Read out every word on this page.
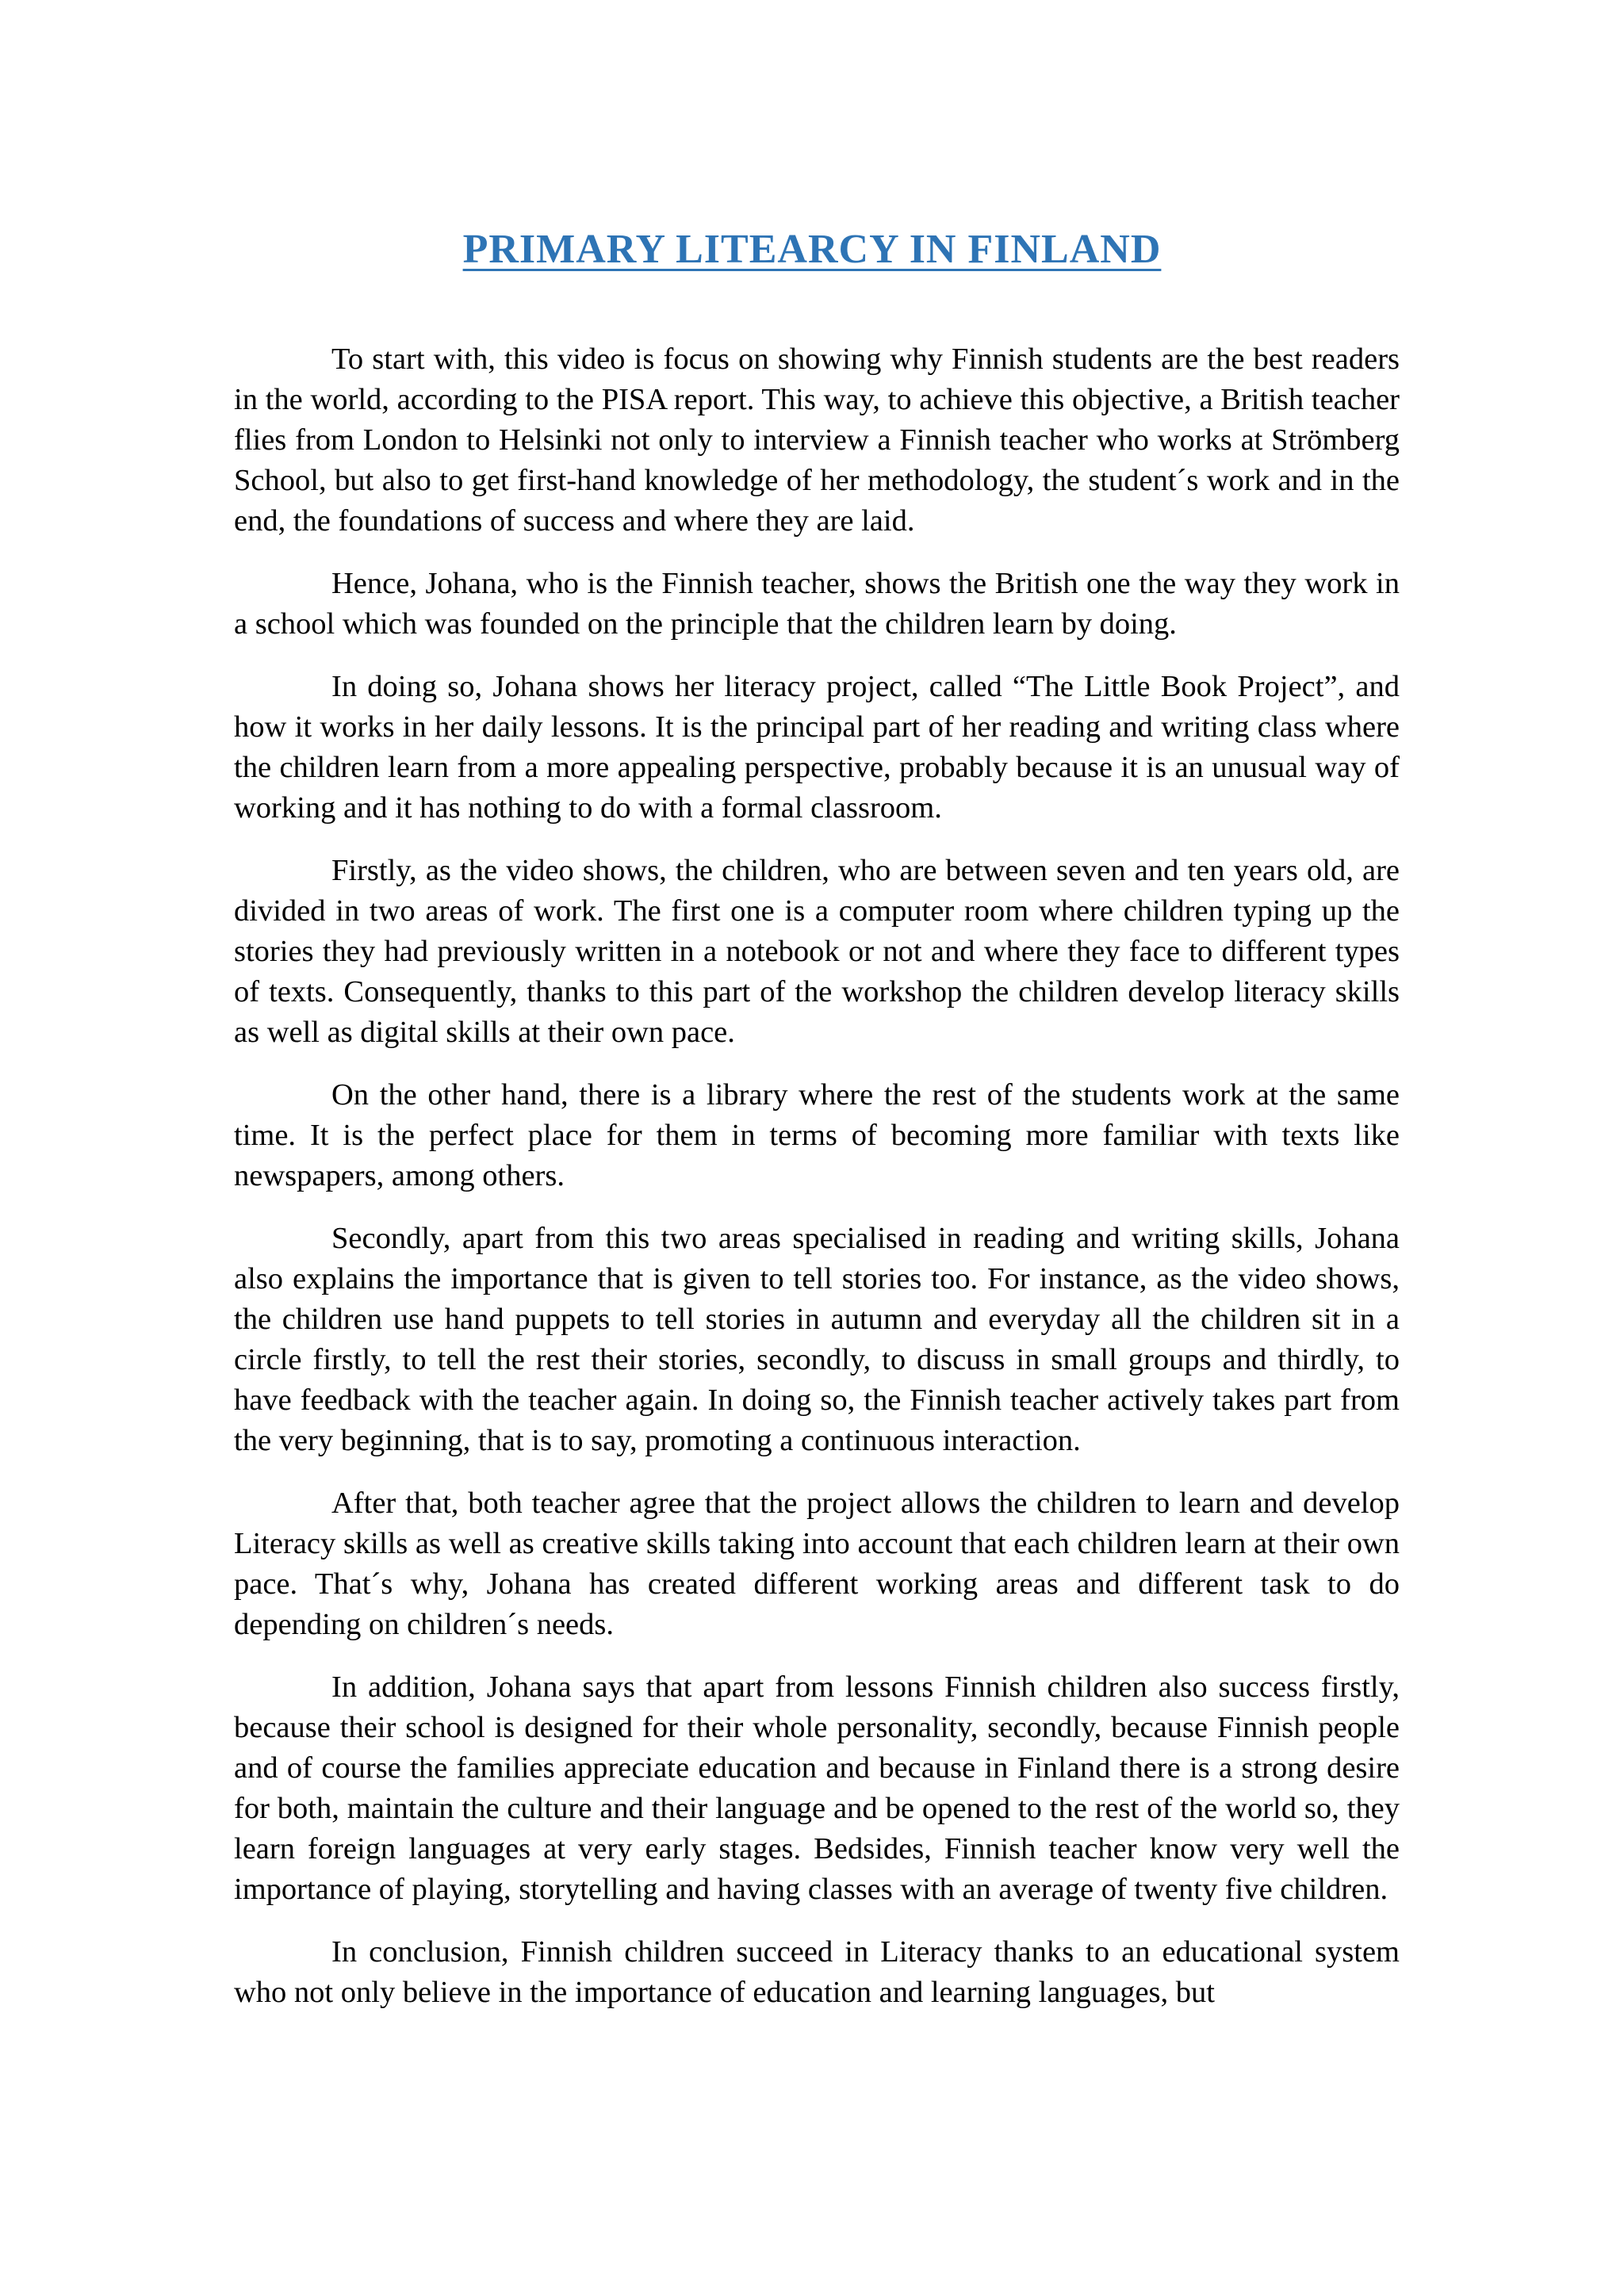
PRIMARY LITEARCY IN FINLAND

To start with, this video is focus on showing why Finnish students are the best readers in the world, according to the PISA report. This way, to achieve this objective, a British teacher flies from London to Helsinki not only to interview a Finnish teacher who works at Strömberg School, but also to get first-hand knowledge of her methodology, the student´s work and in the end, the foundations of success and where they are laid.

Hence, Johana, who is the Finnish teacher, shows the British one the way they work in a school which was founded on the principle that the children learn by doing.

In doing so, Johana shows her literacy project, called “The Little Book Project”, and how it works in her daily lessons. It is the principal part of her reading and writing class where the children learn from a more appealing perspective, probably because it is an unusual way of working and it has nothing to do with a formal classroom.

Firstly, as the video shows, the children, who are between seven and ten years old, are divided in two areas of work. The first one is a computer room where children typing up the stories they had previously written in a notebook or not and where they face to different types of texts. Consequently, thanks to this part of the workshop the children develop literacy skills as well as digital skills at their own pace.

On the other hand, there is a library where the rest of the students work at the same time. It is the perfect place for them in terms of becoming more familiar with texts like newspapers, among others.

Secondly, apart from this two areas specialised in reading and writing skills, Johana also explains the importance that is given to tell stories too. For instance, as the video shows, the children use hand puppets to tell stories in autumn and everyday all the children sit in a circle firstly, to tell the rest their stories, secondly, to discuss in small groups and thirdly, to have feedback with the teacher again. In doing so, the Finnish teacher actively takes part from the very beginning, that is to say, promoting a continuous interaction.

After that, both teacher agree that the project allows the children to learn and develop Literacy skills as well as creative skills taking into account that each children learn at their own pace. That´s why, Johana has created different working areas and different task to do depending on children´s needs.

In addition, Johana says that apart from lessons Finnish children also success firstly, because their school is designed for their whole personality, secondly, because Finnish people and of course the families appreciate education and because in Finland there is a strong desire for both, maintain the culture and their language and be opened to the rest of the world so, they learn foreign languages at very early stages. Bedsides, Finnish teacher know very well the importance of playing, storytelling and having classes with an average of twenty five children.

In conclusion, Finnish children succeed in Literacy thanks to an educational system who not only believe in the importance of education and learning languages, but
